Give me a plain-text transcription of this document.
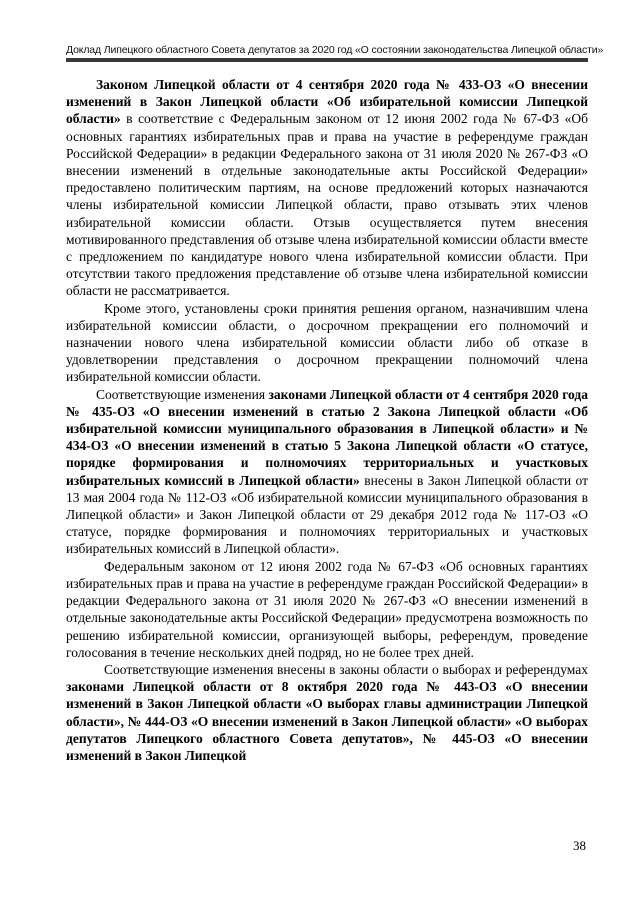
Доклад Липецкого областного Совета депутатов за 2020 год «О состоянии законодательства Липецкой области»

Законом Липецкой области от 4 сентября 2020 года № 433-ОЗ «О внесении изменений в Закон Липецкой области «Об избирательной комиссии Липецкой области» в соответствие с Федеральным законом от 12 июня 2002 года № 67-ФЗ «Об основных гарантиях избирательных прав и права на участие в референдуме граждан Российской Федерации» в редакции Федерального закона от 31 июля 2020 № 267-ФЗ «О внесении изменений в отдельные законодательные акты Российской Федерации» предоставлено политическим партиям, на основе предложений которых назначаются члены избирательной комиссии Липецкой области, право отзывать этих членов избирательной комиссии области. Отзыв осуществляется путем внесения мотивированного представления об отзыве члена избирательной комиссии области вместе с предложением по кандидатуре нового члена избирательной комиссии области. При отсутствии такого предложения представление об отзыве члена избирательной комиссии области не рассматривается.

Кроме этого, установлены сроки принятия решения органом, назначившим члена избирательной комиссии области, о досрочном прекращении его полномочий и назначении нового члена избирательной комиссии области либо об отказе в удовлетворении представления о досрочном прекращении полномочий члена избирательной комиссии области.

Соответствующие изменения законами Липецкой области от 4 сентября 2020 года № 435-ОЗ «О внесении изменений в статью 2 Закона Липецкой области «Об избирательной комиссии муниципального образования в Липецкой области» и № 434-ОЗ «О внесении изменений в статью 5 Закона Липецкой области «О статусе, порядке формирования и полномочиях территориальных и участковых избирательных комиссий в Липецкой области» внесены в Закон Липецкой области от 13 мая 2004 года № 112-ОЗ «Об избирательной комиссии муниципального образования в Липецкой области» и Закон Липецкой области от 29 декабря 2012 года № 117-ОЗ «О статусе, порядке формирования и полномочиях территориальных и участковых избирательных комиссий в Липецкой области».

Федеральным законом от 12 июня 2002 года № 67-ФЗ «Об основных гарантиях избирательных прав и права на участие в референдуме граждан Российской Федерации» в редакции Федерального закона от 31 июля 2020 № 267-ФЗ «О внесении изменений в отдельные законодательные акты Российской Федерации» предусмотрена возможность по решению избирательной комиссии, организующей выборы, референдум, проведение голосования в течение нескольких дней подряд, но не более трех дней.

Соответствующие изменения внесены в законы области о выборах и референдумах законами Липецкой области от 8 октября 2020 года № 443-ОЗ «О внесении изменений в Закон Липецкой области «О выборах главы администрации Липецкой области», № 444-ОЗ «О внесении изменений в Закон Липецкой области» «О выборах депутатов Липецкого областного Совета депутатов», № 445-ОЗ «О внесении изменений в Закон Липецкой

38
